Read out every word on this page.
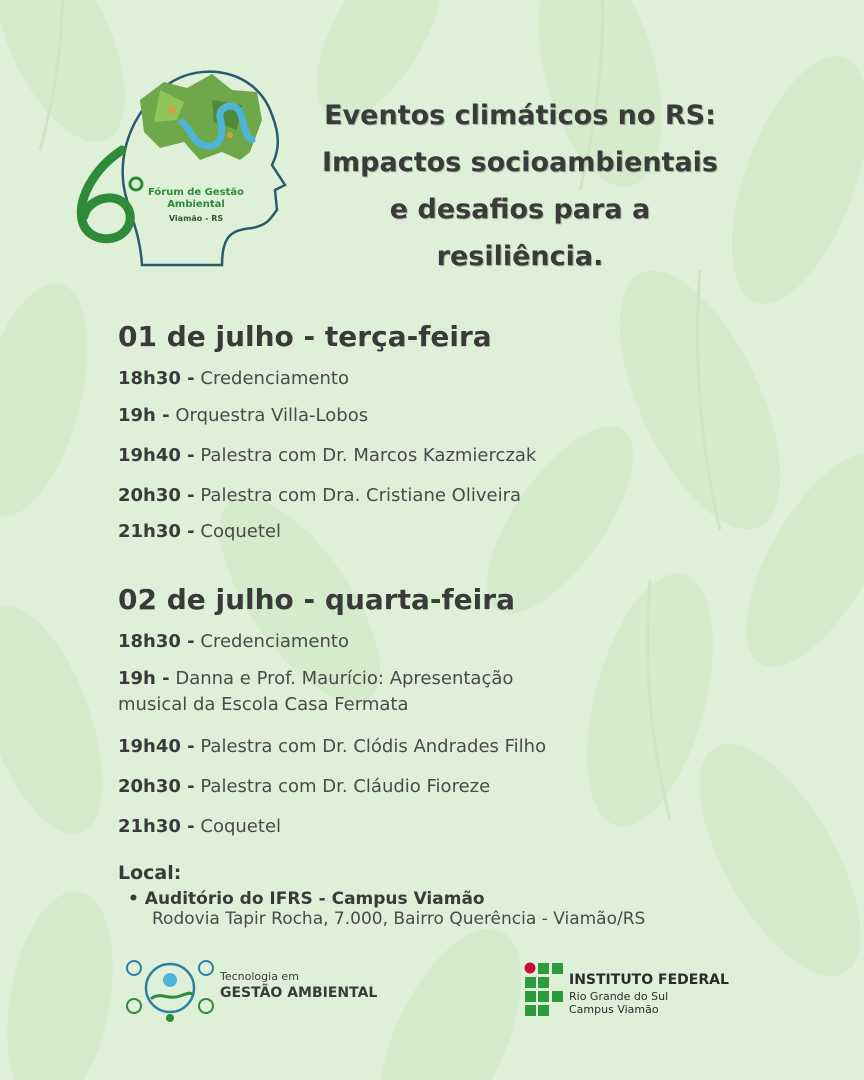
Fórum de Gestão
Ambiental
Viamão - RS
Eventos climáticos no RS:
Impactos socioambientais
e desafios para a
resiliência.
01 de julho - terça-feira
18h30 - Credenciamento
19h - Orquestra Villa-Lobos
19h40 - Palestra com Dr. Marcos Kazmierczak
20h30 - Palestra com Dra. Cristiane Oliveira
21h30 - Coquetel
02 de julho - quarta-feira
18h30 - Credenciamento
19h - Danna e Prof. Maurício: Apresentação
musical da Escola Casa Fermata
19h40 - Palestra com Dr. Clódis Andrades Filho
20h30 - Palestra com Dr. Cláudio Fioreze
21h30 - Coquetel
Local:
• Auditório do IFRS - Campus Viamão
Rodovia Tapir Rocha, 7.000, Bairro Querência - Viamão/RS
Tecnologia em
GESTÃO AMBIENTAL
INSTITUTO FEDERAL
Rio Grande do Sul
Campus Viamão
